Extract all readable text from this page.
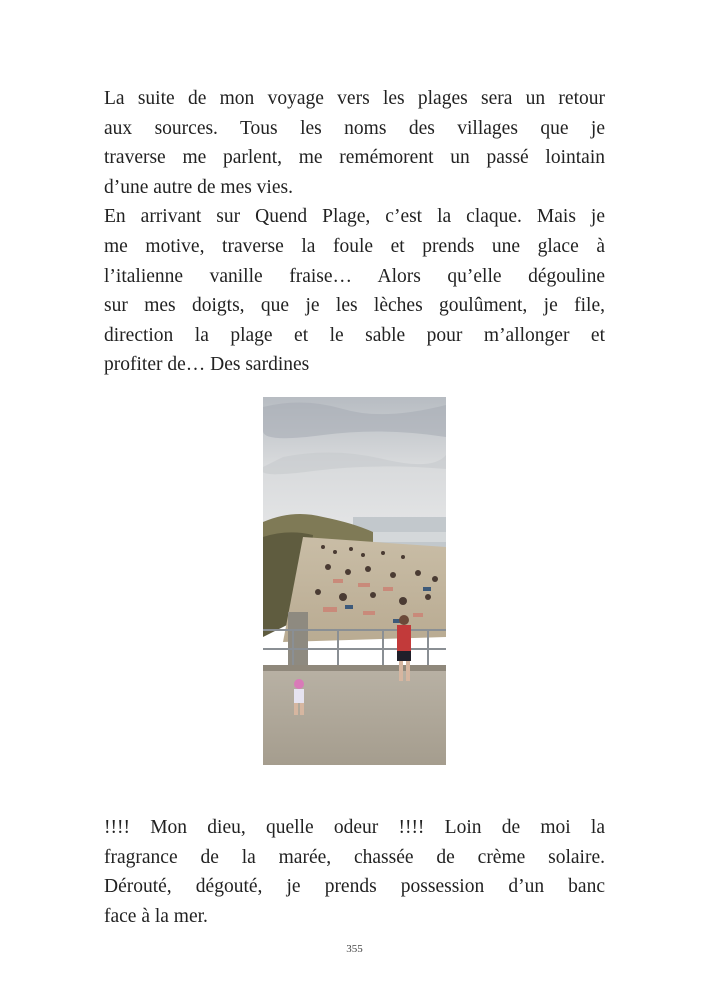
La suite de mon voyage vers les plages sera un retour
aux sources. Tous les noms des villages que je
traverse me parlent, me remémorent un passé lointain
d’une autre de mes vies.
En arrivant sur Quend Plage, c’est la claque. Mais je
me motive, traverse la foule et prends une glace à
l’italienne vanille fraise… Alors qu’elle dégouline
sur mes doigts, que je les lèches goulûment, je file,
direction la plage et le sable pour m’allonger et
profiter de… Des sardines

!!!! Mon dieu, quelle odeur !!!! Loin de moi la
fragrance de la marée, chassée de crème solaire.
Dérouté, dégouté, je prends possession d’un banc
face à la mer.

355
